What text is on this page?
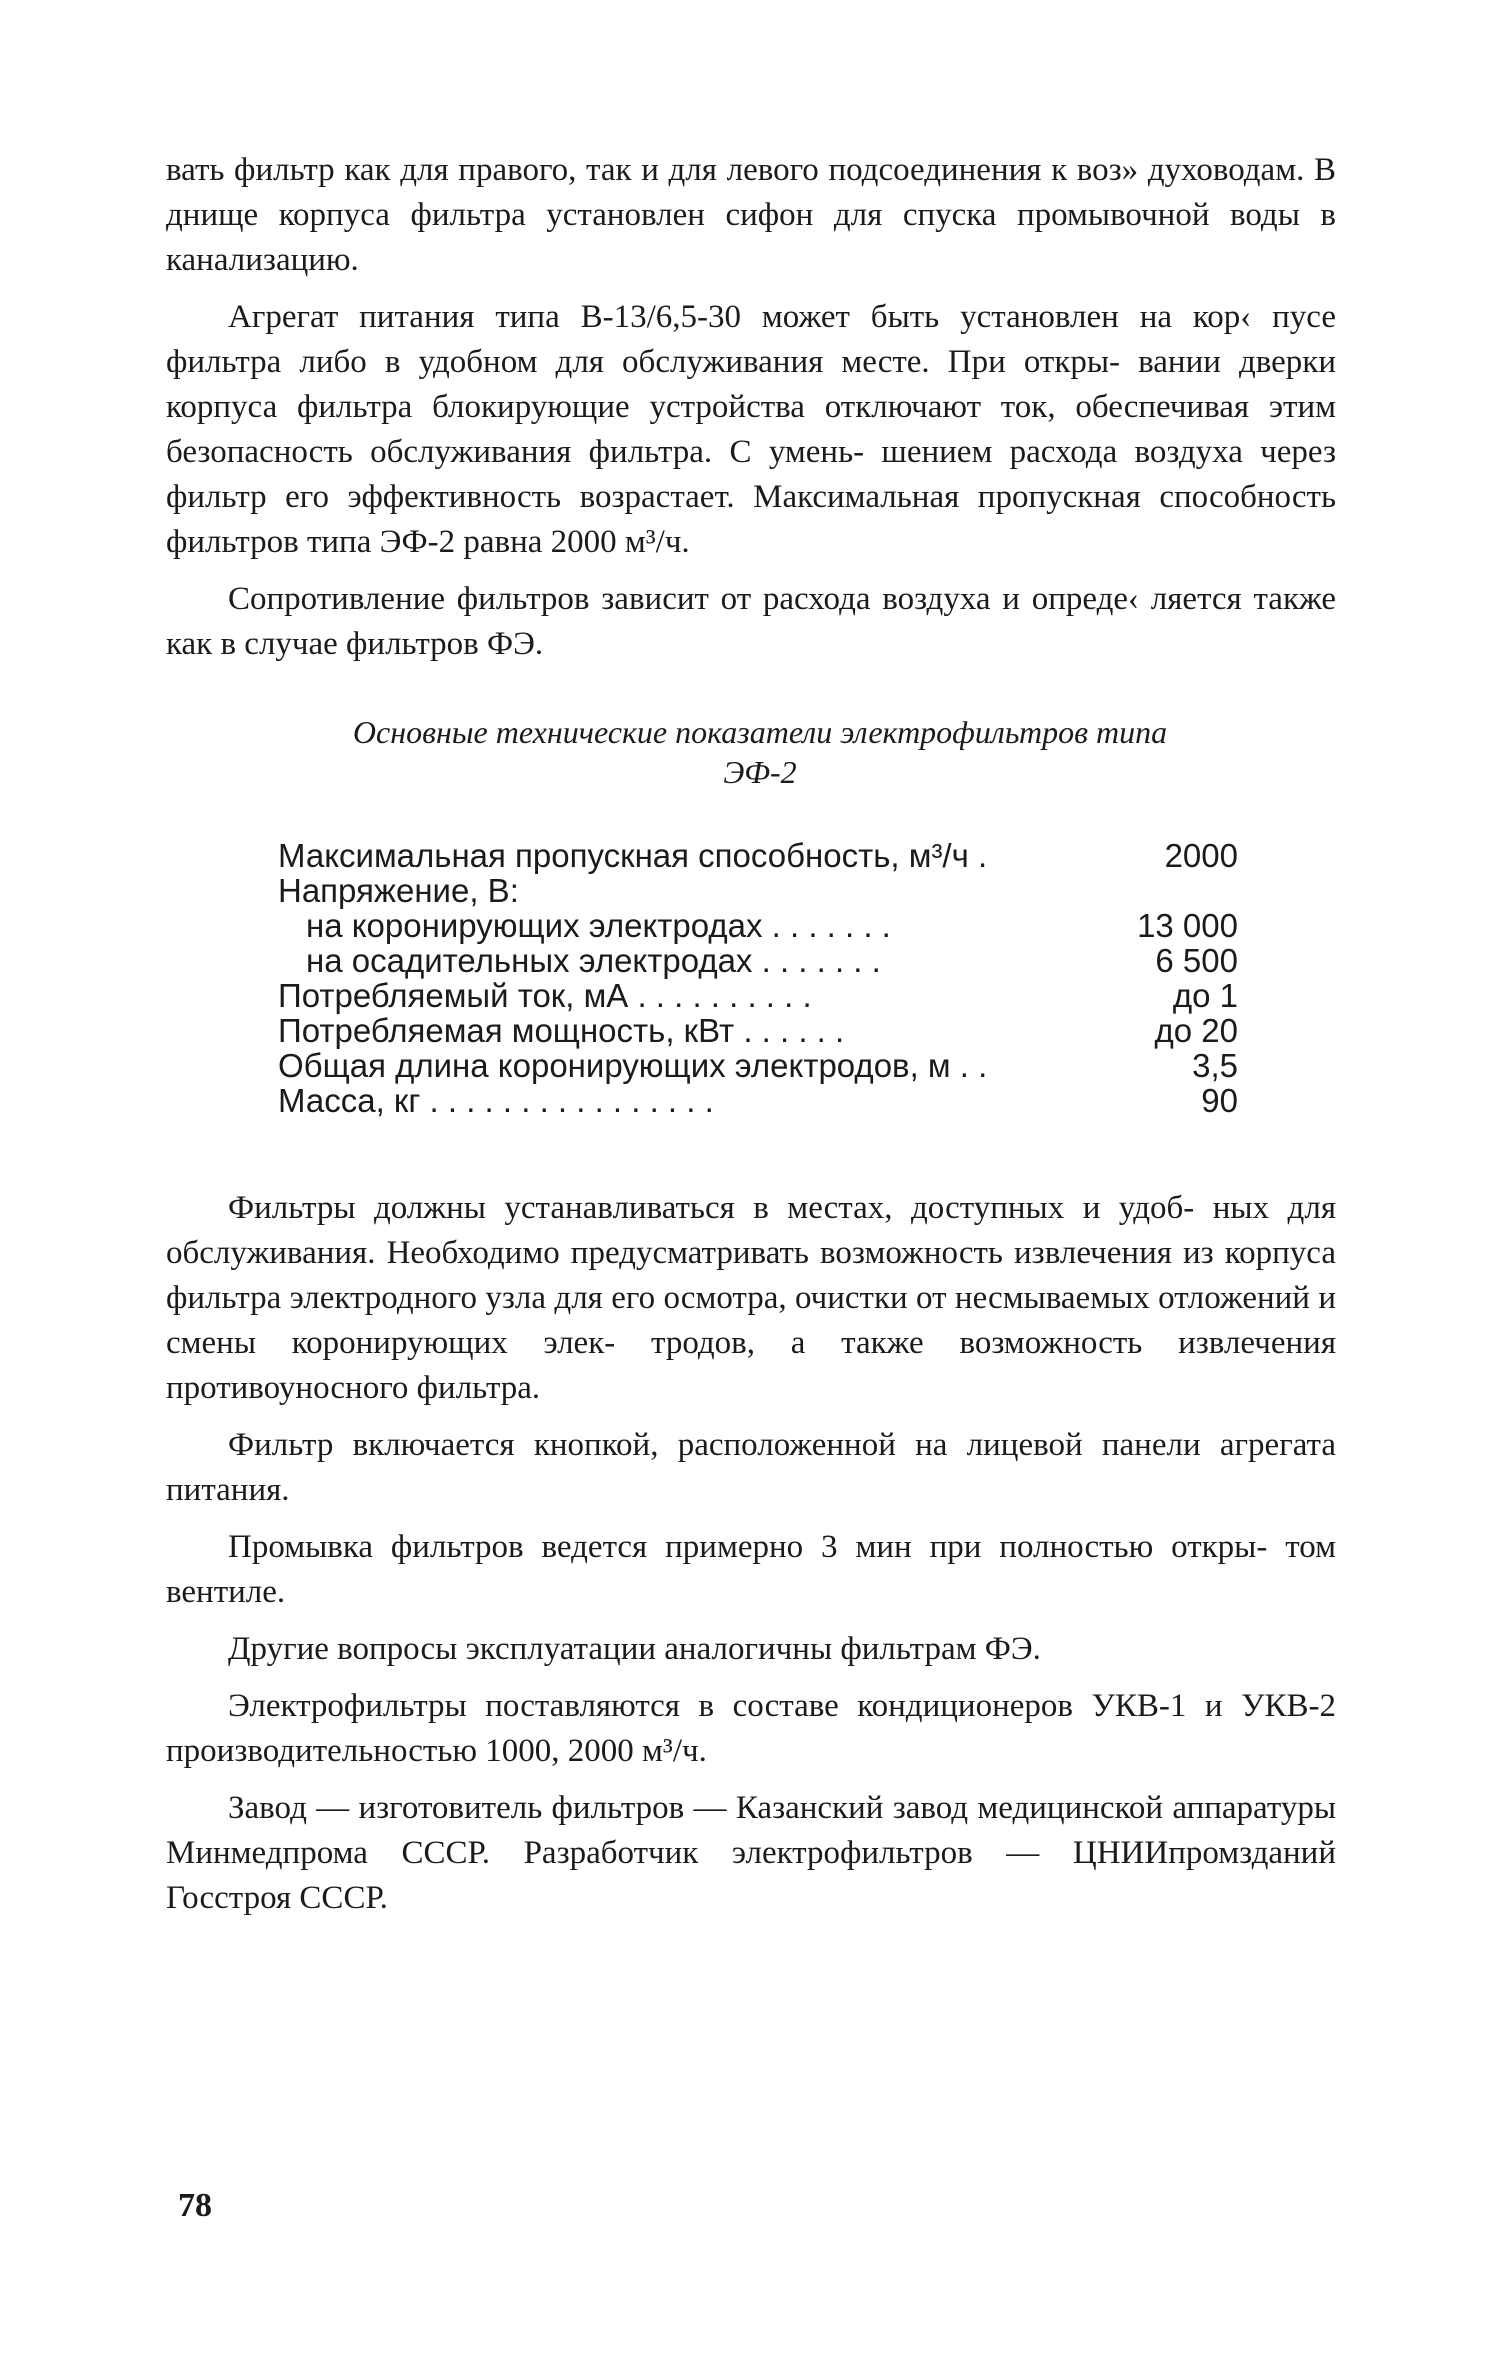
вать фильтр как для правого, так и для левого подсоединения к воз» духоводам. В днище корпуса фильтра установлен сифон для спуска промывочной воды в канализацию.

Агрегат питания типа В-13/6,5-30 может быть установлен на кор‹ пусе фильтра либо в удобном для обслуживания месте. При откры- вании дверки корпуса фильтра блокирующие устройства отключают ток, обеспечивая этим безопасность обслуживания фильтра. С умень- шением расхода воздуха через фильтр его эффективность возрастает. Максимальная пропускная способность фильтров типа ЭФ-2 равна 2000 м³/ч.

Сопротивление фильтров зависит от расхода воздуха и опреде‹ ляется также как в случае фильтров ФЭ.

Основные технические показатели электрофильтров типа
ЭФ-2
Максимальная пропускная способность, м³/ч .	2000
Напряжение, В:	
на коронирующих электродах . . . . . . .	13 000
на осадительных электродах . . . . . . .	6 500
Потребляемый ток, мА . . . . . . . . . .	до 1
Потребляемая мощность, кВт . . . . . .	до 20
Общая длина коронирующих электродов, м . .	3,5
Масса, кг . . . . . . . . . . . . . . . .	90

Фильтры должны устанавливаться в местах, доступных и удоб- ных для обслуживания. Необходимо предусматривать возможность извлечения из корпуса фильтра электродного узла для его осмотра, очистки от несмываемых отложений и смены коронирующих элек- тродов, а также возможность извлечения противоуносного фильтра.

Фильтр включается кнопкой, расположенной на лицевой панели агрегата питания.

Промывка фильтров ведется примерно 3 мин при полностью откры- том вентиле.

Другие вопросы эксплуатации аналогичны фильтрам ФЭ.

Электрофильтры поставляются в составе кондиционеров УКВ-1 и УКВ-2 производительностью 1000, 2000 м³/ч.

Завод — изготовитель фильтров — Казанский завод медицинской аппаратуры Минмедпрома СССР. Разработчик электрофильтров — ЦНИИпромзданий Госстроя СССР.

78
